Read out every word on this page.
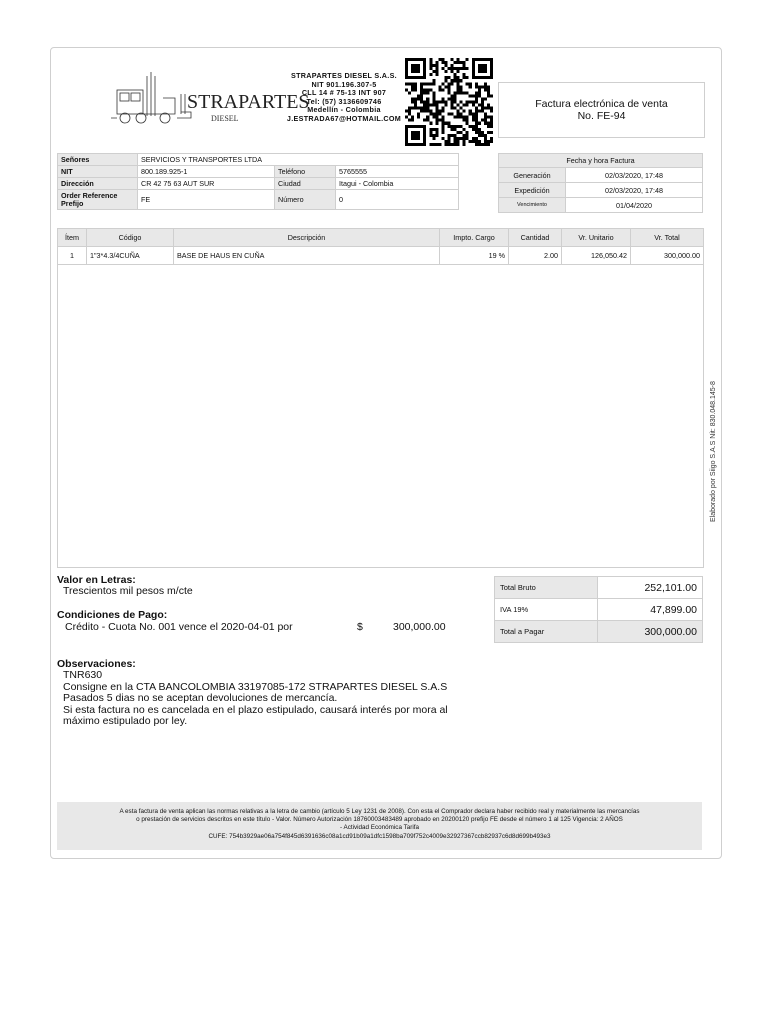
STRAPARTES
DIESEL
STRAPARTES DIESEL S.A.S.
NIT 901.196.307-5
CLL 14 # 75-13 INT 907
Tel: (57) 3136609746
Medellín - Colombia
J.ESTRADA67@HOTMAIL.COM
Factura electrónica de venta
No. FE-94
Señores	SERVICIOS Y TRANSPORTES LTDA		
NIT	800.189.925-1	Teléfono	5765555
Dirección	CR 42 75 63 AUT SUR	Ciudad	Itagui - Colombia

Order Reference
Prefijo	FE	Número	0
Fecha y hora Factura	
Generación	02/03/2020, 17:48
Expedición	02/03/2020, 17:48
Vencimiento	01/04/2020
Ítem	Código	Descripción	Impto. Cargo	Cantidad	Vr. Unitario	Vr. Total
1	1"3*4.3/4CUÑA	BASE DE HAUS EN CUÑA	19 %	2.00	126,050.42	300,000.00
Elaborado por Siigo S.A.S Nit: 830.048.145-8
Valor en Letras:
Trescientos mil pesos m/cte
Condiciones de Pago:
Crédito - Cuota No. 001 vence el 2020-04-01 por	$	300,000.00
Total Bruto	252,101.00
IVA 19%	47,899.00
Total a Pagar	300,000.00
Observaciones:
TNR630
Consigne en la CTA BANCOLOMBIA 33197085-172 STRAPARTES DIESEL S.A.S
Pasados 5 dias no se aceptan devoluciones de mercancía.
Si esta factura no es cancelada en el plazo estipulado, causará interés por mora al
máximo estipulado por ley.
A esta factura de venta aplican las normas relativas a la letra de cambio (artículo 5 Ley 1231 de 2008). Con esta el Comprador declara haber recibido real y materialmente las mercancías
o prestación de servicios descritos en este título - Valor. Número Autorización 18760003483489 aprobado en 20200120 prefijo FE desde el número 1 al 125 Vigencia: 2 AÑOS
- Actividad Económica Tarifa
CUFE: 754b3929ae06a754f845d6391636c08a1cd91b09a1dfc1598ba709f752c4009e32927367ccb82937c6d8d699b493e3
